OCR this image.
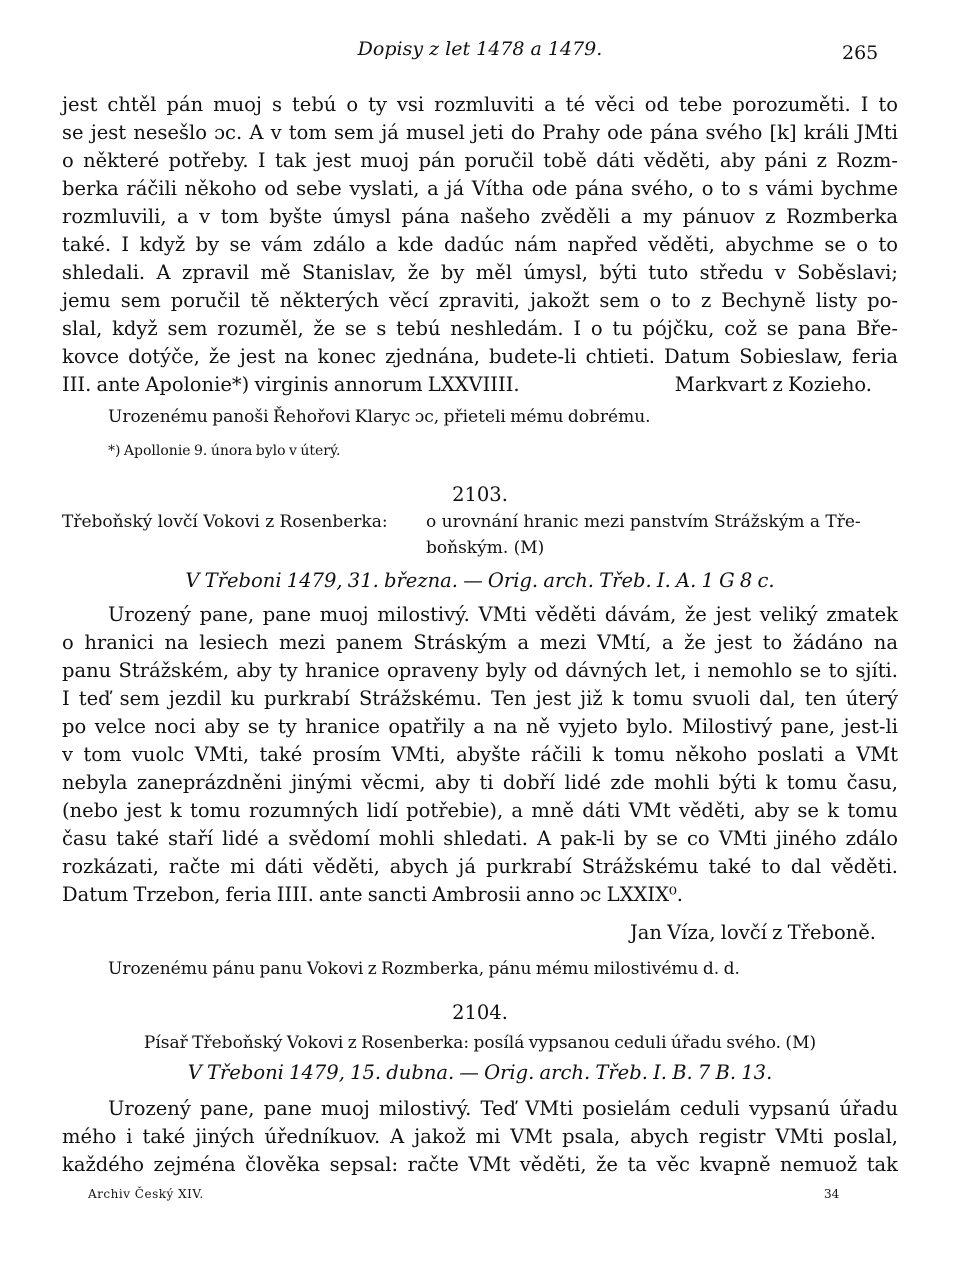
Dopisy z let 1478 a 1479.	265
jest chtěl pán muoj s tebú o ty vsi rozmluviti a té věci od tebe porozuměti. I to
se jest nesešlo ɔc. A v tom sem já musel jeti do Prahy ode pána svého [k] králi JMti
o některé potřeby. I tak jest muoj pán poručil tobě dáti věděti, aby páni z Rozm-
berka ráčili někoho od sebe vyslati, a já Vítha ode pána svého, o to s vámi bychme
rozmluvili, a v tom byšte úmysl pána našeho zvěděli a my pánuov z Rozmberka
také. I když by se vám zdálo a kde dadúc nám napřed věděti, abychme se o to
shledali. A zpravil mě Stanislav, že by měl úmysl, býti tuto středu v Soběslavi;
jemu sem poručil tě některých věcí zpraviti, jakožt sem o to z Bechyně listy po-
slal, když sem rozuměl, že se s tebú neshledám. I o tu pójčku, což se pana Bře-
kovce dotýče, že jest na konec zjednána, budete-li chtieti. Datum Sobieslaw, feria
III. ante Apolonie*) virginis annorum LXXVIIII.	Markvart z Kozieho.
Urozenému panoši Řehořovi Klaryc ɔc, přieteli mému dobrému.
*) Apollonie 9. února bylo v úterý.
2103.
Třeboňský lovčí Vokovi z Rosenberka: o urovnání hranic mezi panstvím Strážským a Tře-
boňským. (M)
V Třeboni 1479, 31. března. — Orig. arch. Třeb. I. A. 1 G 8 c.
Urozený pane, pane muoj milostivý. VMti věděti dávám, že jest veliký zmatek
o hranici na lesiech mezi panem Stráským a mezi VMtí, a že jest to žádáno na
panu Strážském, aby ty hranice opraveny byly od dávných let, i nemohlo se to sjíti.
I teď sem jezdil ku purkrabí Strážskému. Ten jest již k tomu svuoli dal, ten úterý
po velce noci aby se ty hranice opatřily a na ně vyjeto bylo. Milostivý pane, jest-li
v tom vuolc VMti, také prosím VMti, abyšte ráčili k tomu někoho poslati a VMt
nebyla zaneprázdněni jinými věcmi, aby ti dobří lidé zde mohli býti k tomu času,
(nebo jest k tomu rozumných lidí potřebie), a mně dáti VMt věděti, aby se k tomu
času také staří lidé a svědomí mohli shledati. A pak-li by se co VMti jiného zdálo
rozkázati, račte mi dáti věděti, abych já purkrabí Strážskému také to dal věděti.
Datum Trzebon, feria IIII. ante sancti Ambrosii anno ɔc LXXIX⁰.
Jan Víza, lovčí z Třeboně.
Urozenému pánu panu Vokovi z Rozmberka, pánu mému milostivému d. d.
2104.
Písař Třeboňský Vokovi z Rosenberka: posílá vypsanou ceduli úřadu svého. (M)
V Třeboni 1479, 15. dubna. — Orig. arch. Třeb. I. B. 7 B. 13.
Urozený pane, pane muoj milostivý. Teď VMti posielám ceduli vypsanú úřadu
mého i také jiných úředníkuov. A jakož mi VMt psala, abych registr VMti poslal,
každého zejména člověka sepsal: račte VMt věděti, že ta věc kvapně nemuož tak
Archiv Český XIV.	34
